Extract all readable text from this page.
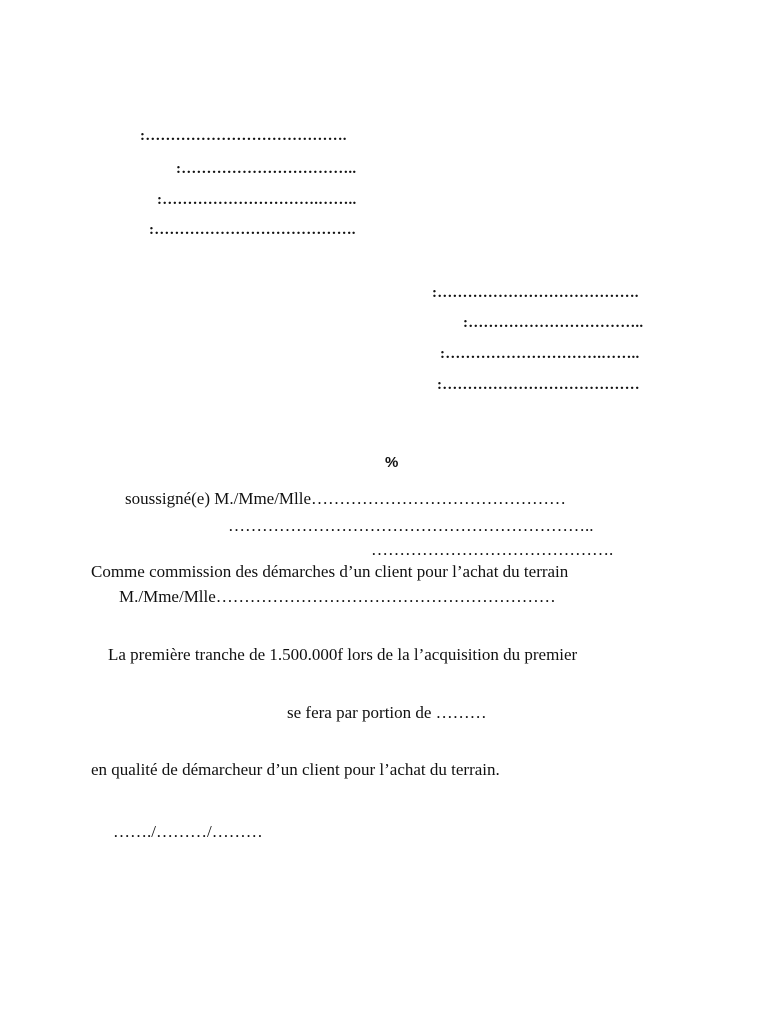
:………………………………….
:……………………………..
:………………………….……..
:………………………………….
:………………………………….
:……………………………..
:………………………….……..
:…………………………………
%
soussigné(e) M./Mme/Mlle………………………………………
………………………………………………………..
…………………………………….
Comme commission des démarches d’un client pour l’achat du terrain
M./Mme/Mlle……………………………………………………
La première tranche de 1.500.000f lors de la l’acquisition du premier
se fera par portion de ………
en qualité de démarcheur d’un client pour l’achat du terrain.
……./………/………
